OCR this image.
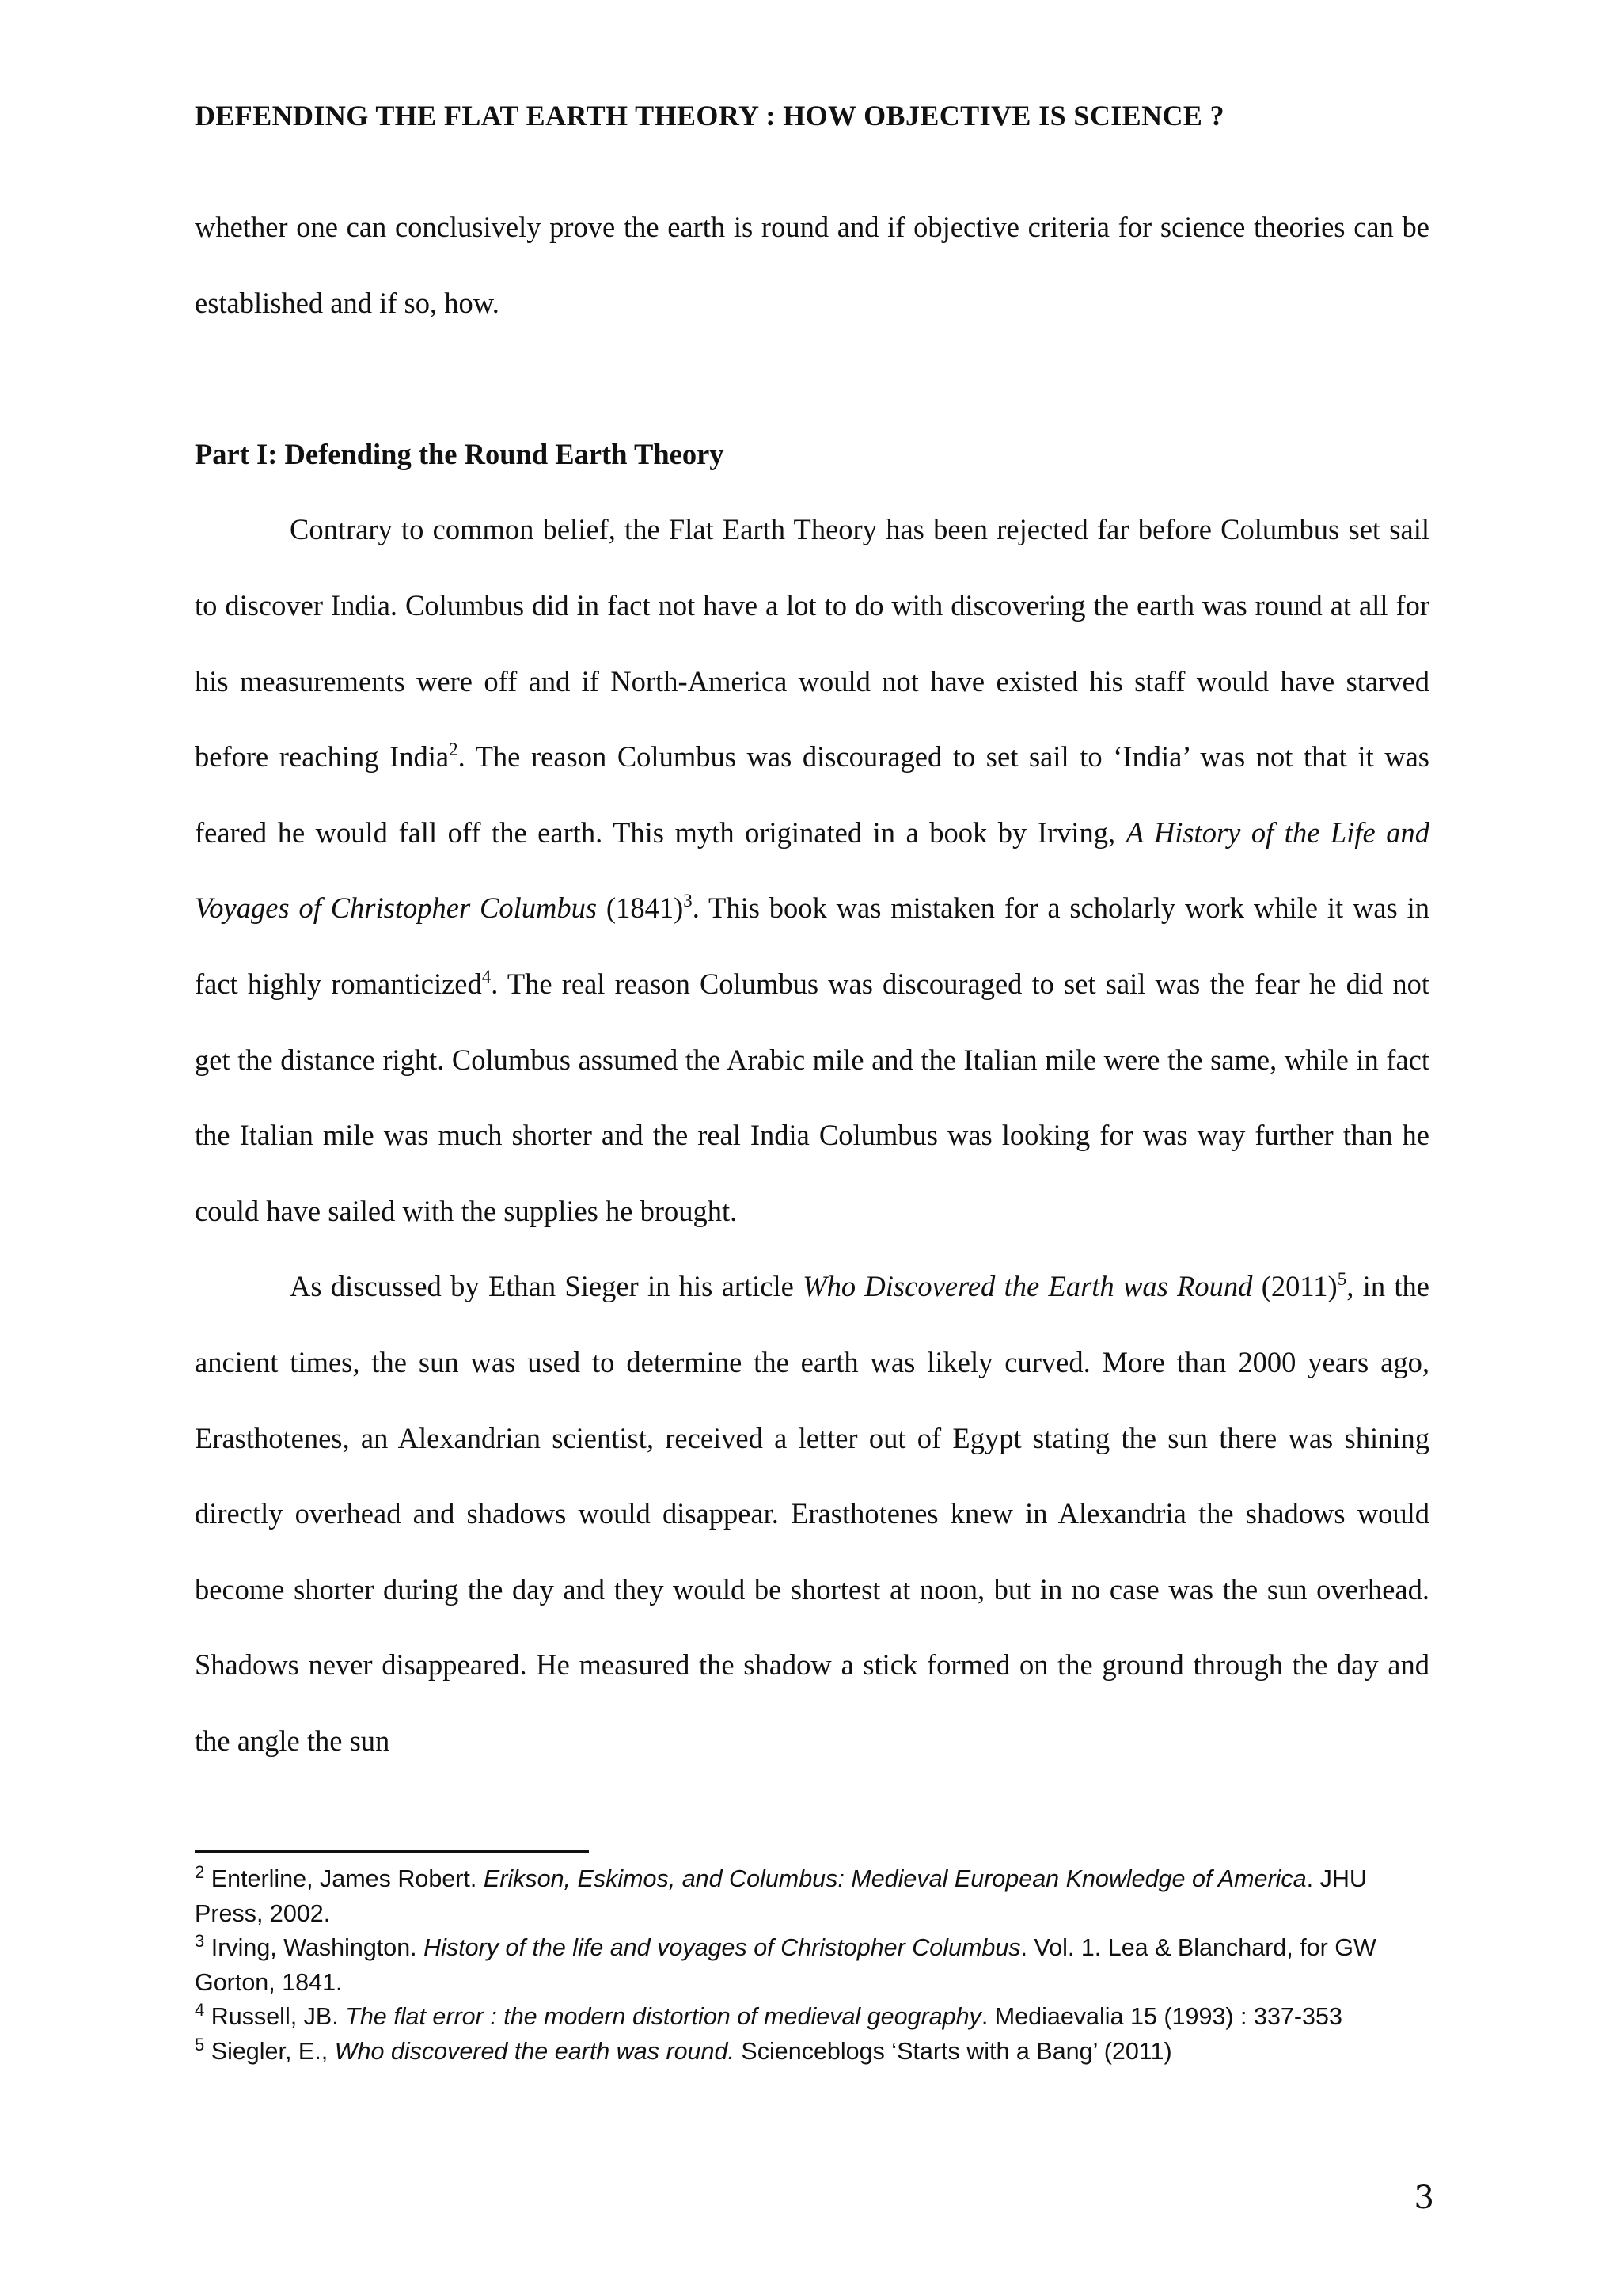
DEFENDING THE FLAT EARTH THEORY : HOW OBJECTIVE IS SCIENCE ?

whether one can conclusively prove the earth is round and if objective criteria for science theories can be established and if so, how.

Part I: Defending the Round Earth Theory

Contrary to common belief, the Flat Earth Theory has been rejected far before Columbus set sail to discover India. Columbus did in fact not have a lot to do with discovering the earth was round at all for his measurements were off and if North-America would not have existed his staff would have starved before reaching India$^2$. The reason Columbus was discouraged to set sail to ‘India’ was not that it was feared he would fall off the earth. This myth originated in a book by Irving, A History of the Life and Voyages of Christopher Columbus (1841)$^3$. This book was mistaken for a scholarly work while it was in fact highly romanticized$^4$. The real reason Columbus was discouraged to set sail was the fear he did not get the distance right. Columbus assumed the Arabic mile and the Italian mile were the same, while in fact the Italian mile was much shorter and the real India Columbus was looking for was way further than he could have sailed with the supplies he brought.

As discussed by Ethan Sieger in his article Who Discovered the Earth was Round (2011)$^5$, in the ancient times, the sun was used to determine the earth was likely curved. More than 2000 years ago, Erasthotenes, an Alexandrian scientist, received a letter out of Egypt stating the sun there was shining directly overhead and shadows would disappear. Erasthotenes knew in Alexandria the shadows would become shorter during the day and they would be shortest at noon, but in no case was the sun overhead. Shadows never disappeared. He measured the shadow a stick formed on the ground through the day and the angle the sun

$^2$ Enterline, James Robert. Erikson, Eskimos, and Columbus: Medieval European Knowledge of America. JHU Press, 2002.

$^3$ Irving, Washington. History of the life and voyages of Christopher Columbus. Vol. 1. Lea & Blanchard, for GW Gorton, 1841.

$^4$ Russell, JB. The flat error : the modern distortion of medieval geography. Mediaevalia 15 (1993) : 337-353

$^5$ Siegler, E., Who discovered the earth was round. Scienceblogs ‘Starts with a Bang’ (2011)

3
